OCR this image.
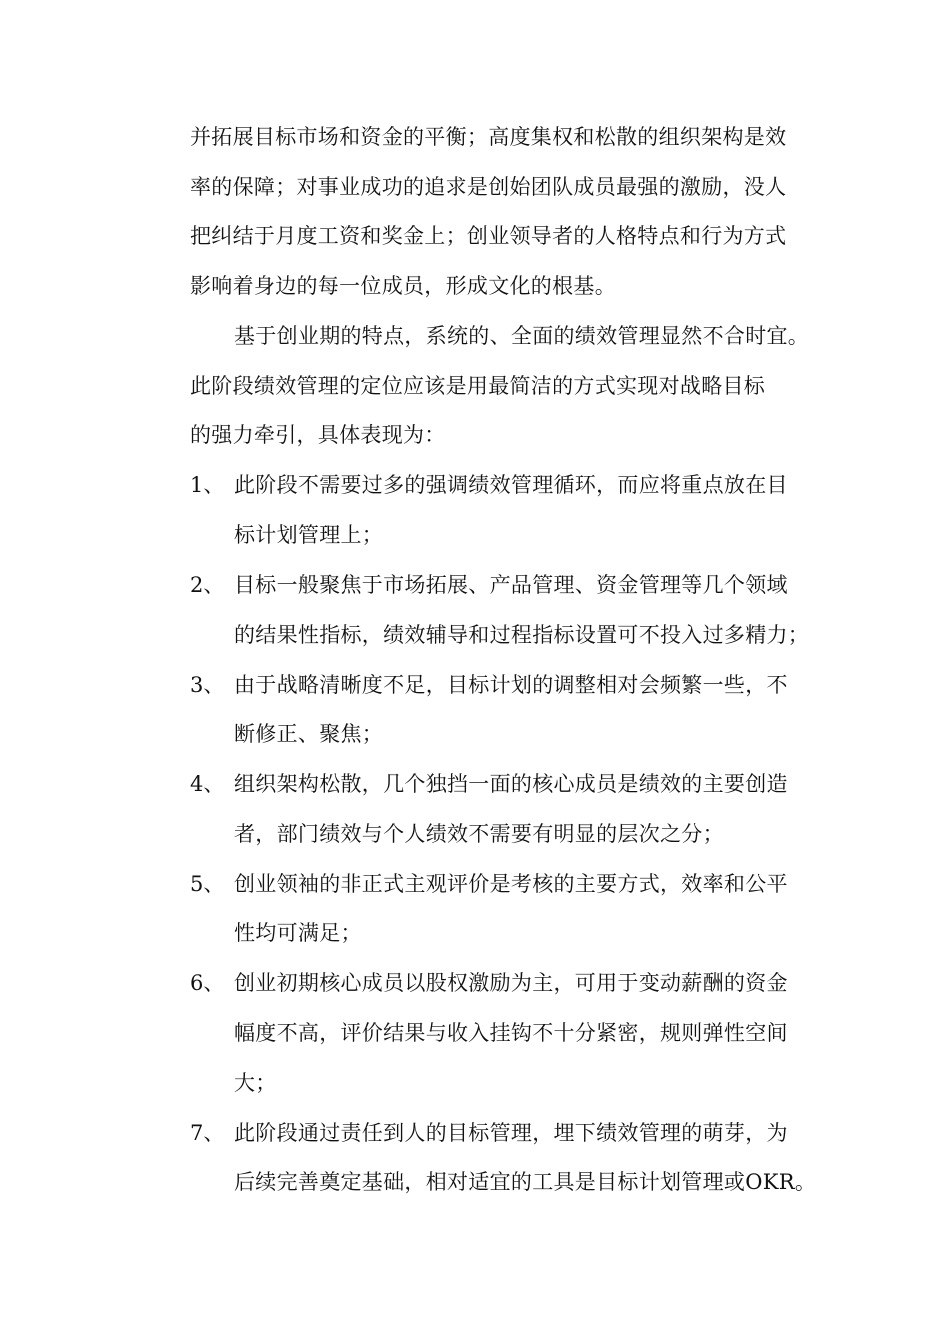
并拓展目标市场和资金的平衡；高度集权和松散的组织架构是效
率的保障；对事业成功的追求是创始团队成员最强的激励，没人
把纠结于月度工资和奖金上；创业领导者的人格特点和行为方式
影响着身边的每一位成员，形成文化的根基。
基于创业期的特点，系统的、全面的绩效管理显然不合时宜。
此阶段绩效管理的定位应该是用最简洁的方式实现对战略目标
的强力牵引，具体表现为：
1、 此阶段不需要过多的强调绩效管理循环，而应将重点放在目
标计划管理上；
2、 目标一般聚焦于市场拓展、产品管理、资金管理等几个领域
的结果性指标，绩效辅导和过程指标设置可不投入过多精力；
3、 由于战略清晰度不足，目标计划的调整相对会频繁一些，不
断修正、聚焦；
4、 组织架构松散，几个独挡一面的核心成员是绩效的主要创造
者，部门绩效与个人绩效不需要有明显的层次之分；
5、 创业领袖的非正式主观评价是考核的主要方式，效率和公平
性均可满足；
6、 创业初期核心成员以股权激励为主，可用于变动薪酬的资金
幅度不高，评价结果与收入挂钩不十分紧密，规则弹性空间
大；
7、 此阶段通过责任到人的目标管理，埋下绩效管理的萌芽，为
后续完善奠定基础，相对适宜的工具是目标计划管理或OKR。
